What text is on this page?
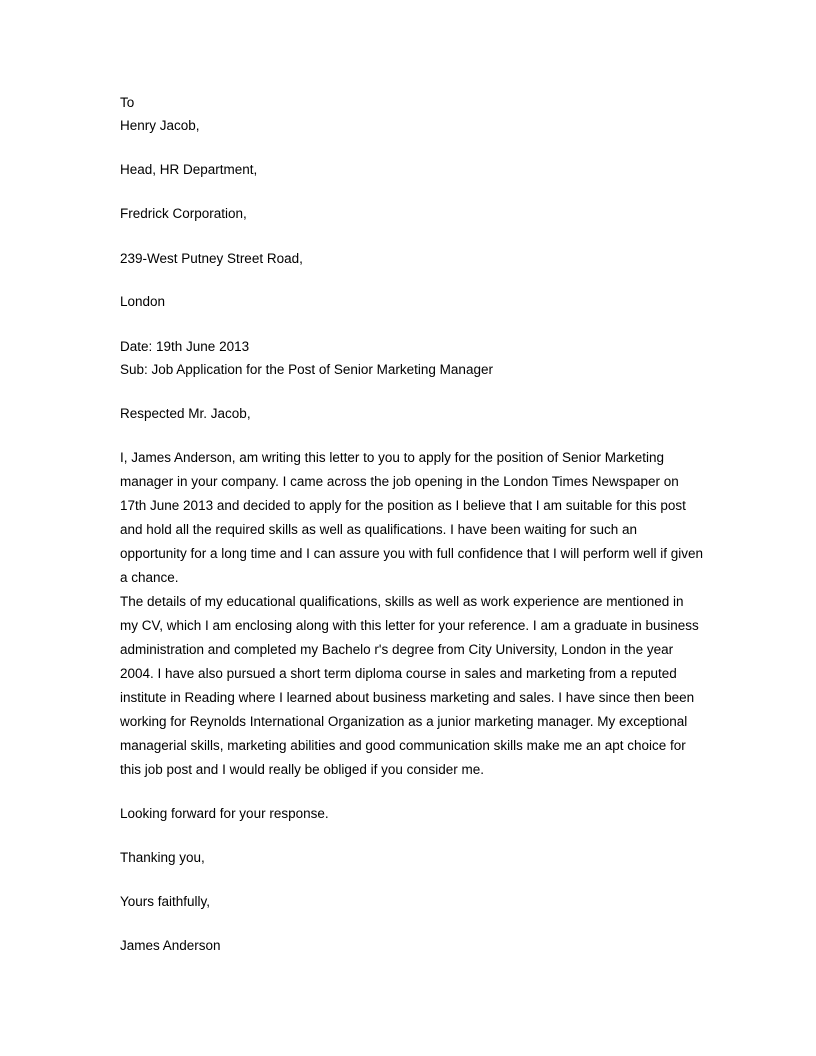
To
Henry Jacob,
Head, HR Department,
Fredrick Corporation,
239-West Putney Street Road,
London
Date: 19th June 2013
Sub: Job Application for the Post of Senior Marketing Manager
Respected Mr. Jacob,
I, James Anderson, am writing this letter to you to apply for the position of Senior Marketing
manager in your company. I came across the job opening in the London Times Newspaper on
17th June 2013 and decided to apply for the position as I believe that I am suitable for this post
and hold all the required skills as well as qualifications. I have been waiting for such an
opportunity for a long time and I can assure you with full confidence that I will perform well if given
a chance.
The details of my educational qualifications, skills as well as work experience are mentioned in
my CV, which I am enclosing along with this letter for your reference. I am a graduate in business
administration and completed my Bachelo r's degree from City University, London in the year
2004. I have also pursued a short term diploma course in sales and marketing from a reputed
institute in Reading where I learned about business marketing and sales. I have since then been
working for Reynolds International Organization as a junior marketing manager. My exceptional
managerial skills, marketing abilities and good communication skills make me an apt choice for
this job post and I would really be obliged if you consider me.
Looking forward for your response.
Thanking you,
Yours faithfully,
James Anderson
